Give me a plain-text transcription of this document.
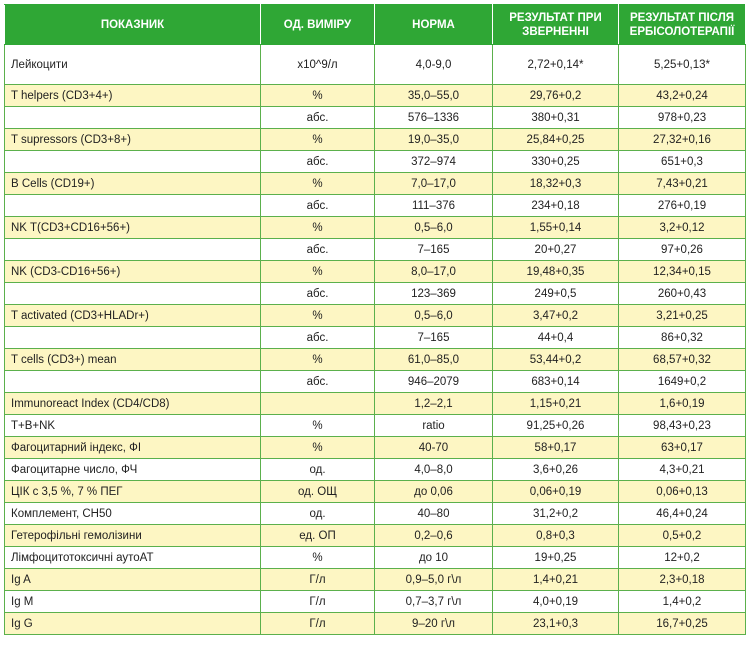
ПОКАЗНИК	ОД. ВИМІРУ	НОРМА	РЕЗУЛЬТАТ ПРИ ЗВЕРНЕННІ	РЕЗУЛЬТАТ ПІСЛЯ ЕРБІСОЛОТЕРАПІЇ
Лейкоцити	х10^9/л	4,0-9,0	2,72+0,14*	5,25+0,13*
T helpers (CD3+4+)	%	35,0–55,0	29,76+0,2	43,2+0,24
	абс.	576–1336	380+0,31	978+0,23
T supressors (CD3+8+)	%	19,0–35,0	25,84+0,25	27,32+0,16
	абс.	372–974	330+0,25	651+0,3
B Cells (CD19+)	%	7,0–17,0	18,32+0,3	7,43+0,21
	абс.	111–376	234+0,18	276+0,19
NK T(CD3+CD16+56+)	%	0,5–6,0	1,55+0,14	3,2+0,12
	абс.	7–165	20+0,27	97+0,26
NK (CD3-CD16+56+)	%	8,0–17,0	19,48+0,35	12,34+0,15
	абс.	123–369	249+0,5	260+0,43
T activated (CD3+HLADr+)	%	0,5–6,0	3,47+0,2	3,21+0,25
	абс.	7–165	44+0,4	86+0,32
T cells (CD3+) mean	%	61,0–85,0	53,44+0,2	68,57+0,32
	абс.	946–2079	683+0,14	1649+0,2
Immunoreact Index (CD4/CD8)		1,2–2,1	1,15+0,21	1,6+0,19
T+B+NK	%	ratio	91,25+0,26	98,43+0,23
Фагоцитарний індекс, ФІ	%	40-70	58+0,17	63+0,17
Фагоцитарне число, ФЧ	од.	4,0–8,0	3,6+0,26	4,3+0,21
ЦІК с 3,5 %, 7 % ПЕГ	од. ОЩ	до 0,06	0,06+0,19	0,06+0,13
Комплемент, СН50	од.	40–80	31,2+0,2	46,4+0,24
Гетерофільні гемолізини	ед. ОП	0,2–0,6	0,8+0,3	0,5+0,2
Лімфоцитотоксичні аутоАТ	%	до 10	19+0,25	12+0,2
Ig A	Г/л	0,9–5,0 г\л	1,4+0,21	2,3+0,18
Ig M	Г/л	0,7–3,7 г\л	4,0+0,19	1,4+0,2
Ig G	Г/л	9–20 г\л	23,1+0,3	16,7+0,25
